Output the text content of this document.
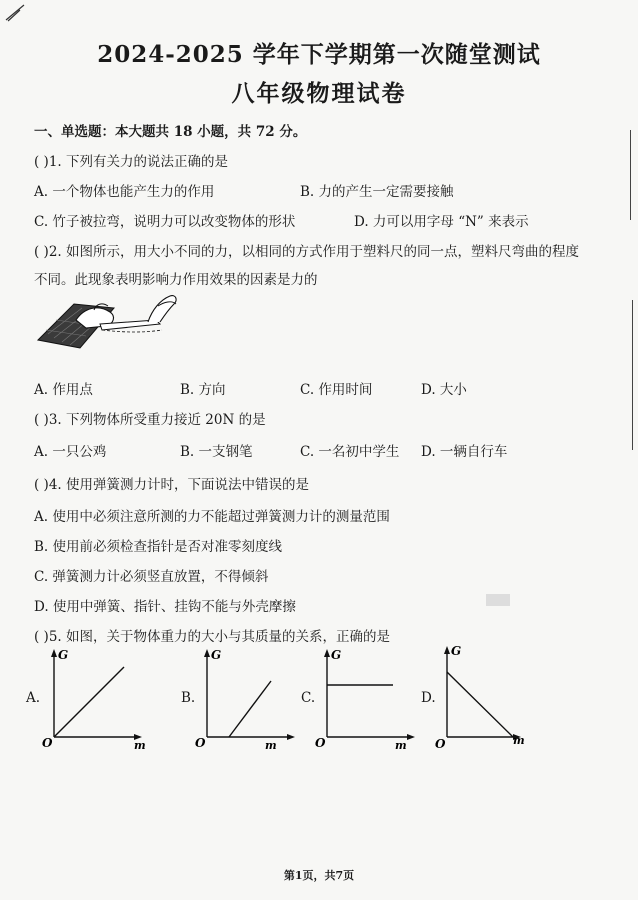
2024-2025 学年下学期第一次随堂测试
八年级物理试卷
一、单选题：本大题共 18 小题，共 72 分。
( )1. 下列有关力的说法正确的是
A. 一个物体也能产生力的作用	B. 力的产生一定需要接触
C. 竹子被拉弯，说明力可以改变物体的形状	D. 力可以用字母 “N” 来表示
( )2. 如图所示，用大小不同的力，以相同的方式作用于塑料尺的同一点，塑料尺弯曲的程度
不同。此现象表明影响力作用效果的因素是力的
A. 作用点	B. 方向	C. 作用时间	D. 大小
( )3. 下列物体所受重力接近 20N 的是
A. 一只公鸡	B. 一支钢笔	C. 一名初中学生 D. 一辆自行车
( )4. 使用弹簧测力计时，下面说法中错误的是
A. 使用中必须注意所测的力不能超过弹簧测力计的测量范围
B. 使用前必须检查指针是否对准零刻度线
C. 弹簧测力计必须竖直放置，不得倾斜
D. 使用中弹簧、指针、挂钩不能与外壳摩擦
( )5. 如图，关于物体重力的大小与其质量的关系，正确的是
A.
G
O	m
B.
G
O	m
C.
G
O	m
D.
G
O	m
第1页，共7页
